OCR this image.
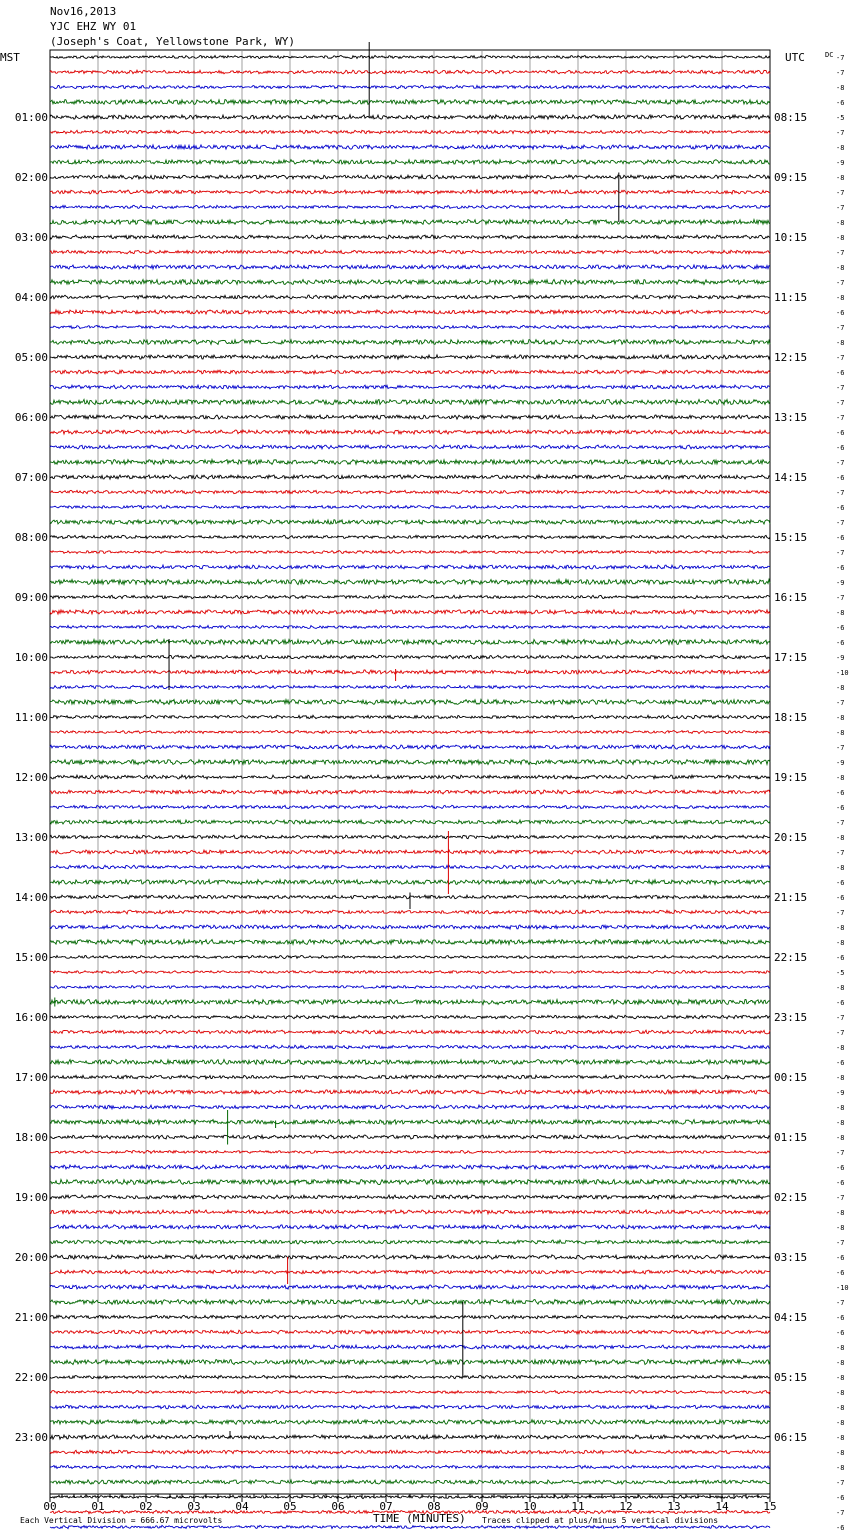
Nov16,2013
YJC EHZ WY 01
(Joseph's Coat, Yellowstone Park, WY)
MST	UTC
01:00	08:15
02:00	09:15
03:00	10:15
04:00	11:15
05:00	12:15
06:00	13:15
07:00	14:15
08:00	15:15
09:00	16:15
10:00	17:15
11:00	18:15
12:00	19:15
13:00	20:15
14:00	21:15
15:00	22:15
16:00	23:15
17:00	00:15
18:00	01:15
19:00	02:15
20:00	03:15
21:00	04:15
22:00	05:15
23:00	06:15
DC -7
-7
-8
-6
-5
-7
-8
-9
-8
-7
-7
-8
-8
-7
-8
-7
-8
-6
-7
-8
-7
-6
-7
-7
-7
-6
-6
-7
-6
-7
-6
-7
-6
-7
-6
-9
-7
-8
-6
-6
-9
-10
-8
-7
-8
-8
-7
-9
-8
-6
-6
-7
-8
-7
-8
-6
-6
-7
-8
-8
-6
-5
-8
-6
-7
-7
-8
-6
-8
-9
-8
-8
-8
-7
-6
-6
-7
-8
-8
-7
-6
-6
-10
-7
-6
-6
-8
-8
-8
-8
-8
-8
-8
-8
-8
-7
-6
-7
-6
00	01	02	03	04	05	06	07	08	09	10	11	12	13	14	15
Each Vertical Division = 666.67 microvolts	TIME (MINUTES) Traces clipped at plus/minus 5 vertical divisions
